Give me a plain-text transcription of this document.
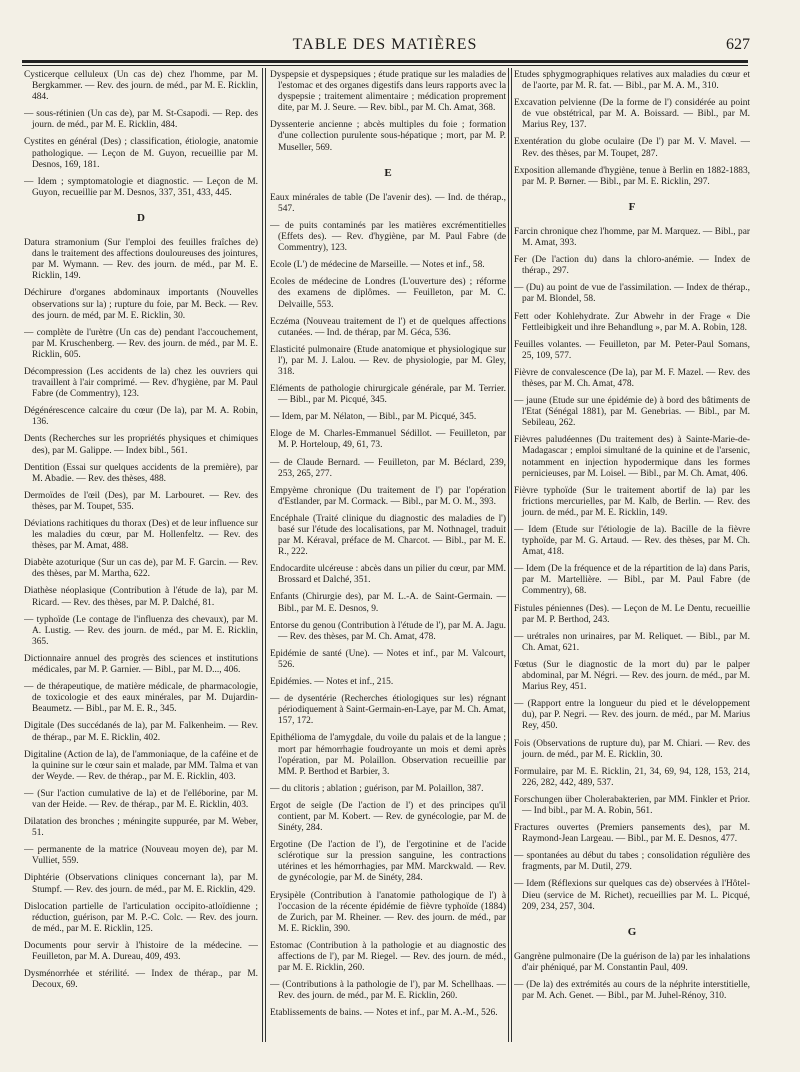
TABLE DES MATIÈRES	627
Cysticerque celluleux (Un cas de) chez l'homme, par M. Bergkammer. — Rev. des journ. de méd., par M. E. Ricklin, 484.
— sous-rétinien (Un cas de), par M. St-Csapodi. — Rep. des journ. de méd., par M. E. Ricklin, 484.
Cystites en général (Des) ; classification, étiologie, anatomie pathologique. — Leçon de M. Guyon, recueillie par M. Desnos, 169, 181.
— Idem ; symptomatologie et diagnostic. — Leçon de M. Guyon, recueillie par M. Desnos, 337, 351, 433, 445.
D
Datura stramonium (Sur l'emploi des feuilles fraîches de) dans le traitement des affections douloureuses des jointures, par M. Wymann. — Rev. des journ. de méd., par M. E. Ricklin, 149.
Déchirure d'organes abdominaux importants (Nouvelles observations sur la) ; rupture du foie, par M. Beck. — Rev. des journ. de méd, par M. E. Ricklin, 30.
— complète de l'urètre (Un cas de) pendant l'accouchement, par M. Kruschenberg. — Rev. des journ. de méd., par M. E. Ricklin, 605.
Décompression (Les accidents de la) chez les ouvriers qui travaillent à l'air comprimé. — Rev. d'hygiène, par M. Paul Fabre (de Commentry), 123.
Dégénérescence calcaire du cœur (De la), par M. A. Robin, 136.
Dents (Recherches sur les propriétés physiques et chimiques des), par M. Galippe. — Index bibl., 561.
Dentition (Essai sur quelques accidents de la première), par M. Abadie. — Rev. des thèses, 488.
Dermoïdes de l'œil (Des), par M. Larbouret. — Rev. des thèses, par M. Toupet, 535.
Déviations rachitiques du thorax (Des) et de leur influence sur les maladies du cœur, par M. Hollenfeltz. — Rev. des thèses, par M. Amat, 488.
Diabète azoturique (Sur un cas de), par M. F. Garcin. — Rev. des thèses, par M. Martha, 622.
Diathèse néoplasique (Contribution à l'étude de la), par M. Ricard. — Rev. des thèses, par M. P. Dalché, 81.
— typhoïde (Le contage de l'influenza des chevaux), par M. A. Lustig. — Rev. des journ. de méd., par M. E. Ricklin, 365.
Dictionnaire annuel des progrès des sciences et institutions médicales, par M. P. Garnier. — Bibl., par M. D..., 406.
— de thérapeutique, de matière médicale, de pharmacologie, de toxicologie et des eaux minérales, par M. Dujardin-Beaumetz. — Bibl., par M. E. R., 345.
Digitale (Des succédanés de la), par M. Falkenheim. — Rev. de thérap., par M. E. Ricklin, 402.
Digitaline (Action de la), de l'ammoniaque, de la caféine et de la quinine sur le cœur sain et malade, par MM. Talma et van der Weyde. — Rev. de thérap., par M. E. Ricklin, 403.
— (Sur l'action cumulative de la) et de l'elléborine, par M. van der Heide. — Rev. de thérap., par M. E. Ricklin, 403.
Dilatation des bronches ; méningite suppurée, par M. Weber, 51.
— permanente de la matrice (Nouveau moyen de), par M. Vulliet, 559.
Diphtérie (Observations cliniques concernant la), par M. Stumpf. — Rev. des journ. de méd., par M. E. Ricklin, 429.
Dislocation partielle de l'articulation occipito-atloïdienne ; réduction, guérison, par M. P.-C. Colc. — Rev. des journ. de méd., par M. E. Ricklin, 125.
Documents pour servir à l'histoire de la médecine. — Feuilleton, par M. A. Dureau, 409, 493.
Dysménorrhée et stérilité. — Index de thérap., par M. Decoux, 69.
Dyspepsie et dyspepsiques ; étude pratique sur les maladies de l'estomac et des organes digestifs dans leurs rapports avec la dyspepsie ; traitement alimentaire ; médication proprement dite, par M. J. Seure. — Rev. bibl., par M. Ch. Amat, 368.
Dyssenterie ancienne ; abcès multiples du foie ; formation d'une collection purulente sous-hépatique ; mort, par M. P. Museller, 569.
E
Eaux minérales de table (De l'avenir des). — Ind. de thérap., 547.
— de puits contaminés par les matières excrémentitielles (Effets des). — Rev. d'hygiène, par M. Paul Fabre (de Commentry), 123.
Ecole (L') de médecine de Marseille. — Notes et inf., 58.
Ecoles de médecine de Londres (L'ouverture des) ; réforme des examens de diplômes. — Feuilleton, par M. C. Delvaille, 553.
Eczéma (Nouveau traitement de l') et de quelques affections cutanées. — Ind. de thérap, par M. Géca, 536.
Elasticité pulmonaire (Etude anatomique et physiologique sur l'), par M. J. Lalou. — Rev. de physiologie, par M. Gley, 318.
Eléments de pathologie chirurgicale générale, par M. Terrier. — Bibl., par M. Picqué, 345.
— Idem, par M. Nélaton, — Bibl., par M. Picqué, 345.
Eloge de M. Charles-Emmanuel Sédillot. — Feuilleton, par M. P. Horteloup, 49, 61, 73.
— de Claude Bernard. — Feuilleton, par M. Béclard, 239, 253, 265, 277.
Empyème chronique (Du traitement de l') par l'opération d'Estlander, par M. Cormack. — Bibl., par M. O. M., 393.
Encéphale (Traité clinique du diagnostic des maladies de l') basé sur l'étude des localisations, par M. Nothnagel, traduit par M. Kéraval, préface de M. Charcot. — Bibl., par M. E. R., 222.
Endocardite ulcéreuse : abcès dans un pilier du cœur, par MM. Brossard et Dalché, 351.
Enfants (Chirurgie des), par M. L.-A. de Saint-Germain. — Bibl., par M. E. Desnos, 9.
Entorse du genou (Contribution à l'étude de l'), par M. A. Jagu. — Rev. des thèses, par M. Ch. Amat, 478.
Epidémie de santé (Une). — Notes et inf., par M. Valcourt, 526.
Epidémies. — Notes et inf., 215.
— de dysentérie (Recherches étiologiques sur les) régnant périodiquement à Saint-Germain-en-Laye, par M. Ch. Amat, 157, 172.
Epithélioma de l'amygdale, du voile du palais et de la langue ; mort par hémorrhagie foudroyante un mois et demi après l'opération, par M. Polaillon. Observation recueillie par MM. P. Berthod et Barbier, 3.
— du clitoris ; ablation ; guérison, par M. Polaillon, 387.
Ergot de seigle (De l'action de l') et des principes qu'il contient, par M. Kobert. — Rev. de gynécologie, par M. de Sinéty, 284.
Ergotine (De l'action de l'), de l'ergotinine et de l'acide sclérotique sur la pression sanguine, les contractions utérines et les hémorrhagies, par MM. Marckwald. — Rev. de gynécologie, par M. de Sinéty, 284.
Erysipèle (Contribution à l'anatomie pathologique de l') à l'occasion de la récente épidémie de fièvre typhoïde (1884) de Zurich, par M. Rheiner. — Rev. des journ. de méd., par M. E. Ricklin, 390.
Estomac (Contribution à la pathologie et au diagnostic des affections de l'), par M. Riegel. — Rev. des journ. de méd., par M. E. Ricklin, 260.
— (Contributions à la pathologie de l'), par M. Schellhaas. — Rev. des journ. de méd., par M. E. Ricklin, 260.
Etablissements de bains. — Notes et inf., par M. A.-M., 526.
Etudes sphygmographiques relatives aux maladies du cœur et de l'aorte, par M. R. fat. — Bibl., par M. A. M., 310.
Excavation pelvienne (De la forme de l') considérée au point de vue obstétrical, par M. A. Boissard. — Bibl., par M. Marius Rey, 137.
Exentération du globe oculaire (De l') par M. V. Mavel. — Rev. des thèses, par M. Toupet, 287.
Exposition allemande d'hygiène, tenue à Berlin en 1882-1883, par M. P. Børner. — Bibl., par M. E. Ricklin, 297.
F
Farcin chronique chez l'homme, par M. Marquez. — Bibl., par M. Amat, 393.
Fer (De l'action du) dans la chloro-anémie. — Index de thérap., 297.
— (Du) au point de vue de l'assimilation. — Index de thérap., par M. Blondel, 58.
Fett oder Kohlehydrate. Zur Abwehr in der Frage « Die Fettleibigkeit und ihre Behandlung », par M. A. Robin, 128.
Feuilles volantes. — Feuilleton, par M. Peter-Paul Somans, 25, 109, 577.
Fièvre de convalescence (De la), par M. F. Mazel. — Rev. des thèses, par M. Ch. Amat, 478.
— jaune (Etude sur une épidémie de) à bord des bâtiments de l'Etat (Sénégal 1881), par M. Genebrias. — Bibl., par M. Sebileau, 262.
Fièvres paludéennes (Du traitement des) à Sainte-Marie-de-Madagascar ; emploi simultané de la quinine et de l'arsenic, notamment en injection hypodermique dans les formes pernicieuses, par M. Loisel. — Bibl., par M. Ch. Amat, 406.
Fièvre typhoïde (Sur le traitement abortif de la) par les frictions mercurielles, par M. Kalb, de Berlin. — Rev. des journ. de méd., par M. E. Ricklin, 149.
— Idem (Etude sur l'étiologie de la). Bacille de la fièvre typhoïde, par M. G. Artaud. — Rev. des thèses, par M. Ch. Amat, 418.
— Idem (De la fréquence et de la répartition de la) dans Paris, par M. Martellière. — Bibl., par M. Paul Fabre (de Commentry), 68.
Fistules péniennes (Des). — Leçon de M. Le Dentu, recueillie par M. P. Berthod, 243.
— urétrales non urinaires, par M. Reliquet. — Bibl., par M. Ch. Amat, 621.
Fœtus (Sur le diagnostic de la mort du) par le palper abdominal, par M. Négri. — Rev. des journ. de méd., par M. Marius Rey, 451.
— (Rapport entre la longueur du pied et le développement du), par P. Negri. — Rev. des journ. de méd., par M. Marius Rey, 450.
Fois (Observations de rupture du), par M. Chiari. — Rev. des journ. de méd., par M. E. Ricklin, 30.
Formulaire, par M. E. Ricklin, 21, 34, 69, 94, 128, 153, 214, 226, 282, 442, 489, 537.
Forschungen über Cholerabakterien, par MM. Finkler et Prior. — Ind bibl., par M. A. Robin, 561.
Fractures ouvertes (Premiers pansements des), par M. Raymond-Jean Largeau. — Bibl., par M. E. Desnos, 477.
— spontanées au début du tabes ; consolidation régulière des fragments, par M. Dutil, 279.
— Idem (Réflexions sur quelques cas de) observées à l'Hôtel-Dieu (service de M. Richet), recueillies par M. L. Picqué, 209, 234, 257, 304.
G
Gangrène pulmonaire (De la guérison de la) par les inhalations d'air phéniqué, par M. Constantin Paul, 409.
— (De la) des extrémités au cours de la néphrite interstitielle, par M. Ach. Genet. — Bibl., par M. Juhel-Rénoy, 310.
